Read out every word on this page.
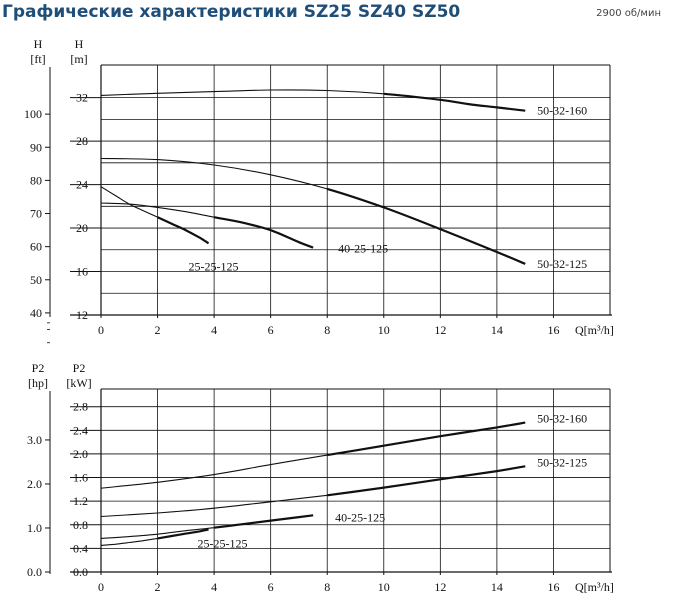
Графические характеристики SZ25 SZ40 SZ50	2900 об/мин
12
16
20
24
28
32
40
50
60
70
80
90
100
0	2	4	6	8	10	12	14	16 Q[m³/h]
H
[m]
H
[ft]
50-32-160
50-32-125
40-25-125
25-25-125
0.0
0.4
0.8
1.2
1.6
2.0
2.4
2.8
0.0
1.0
2.0
3.0
0	2	4	6	8	10	12	14	16 Q[m³/h]
P2
[kW]
P2
[hp]
50-32-160
50-32-125
40-25-125
25-25-125
